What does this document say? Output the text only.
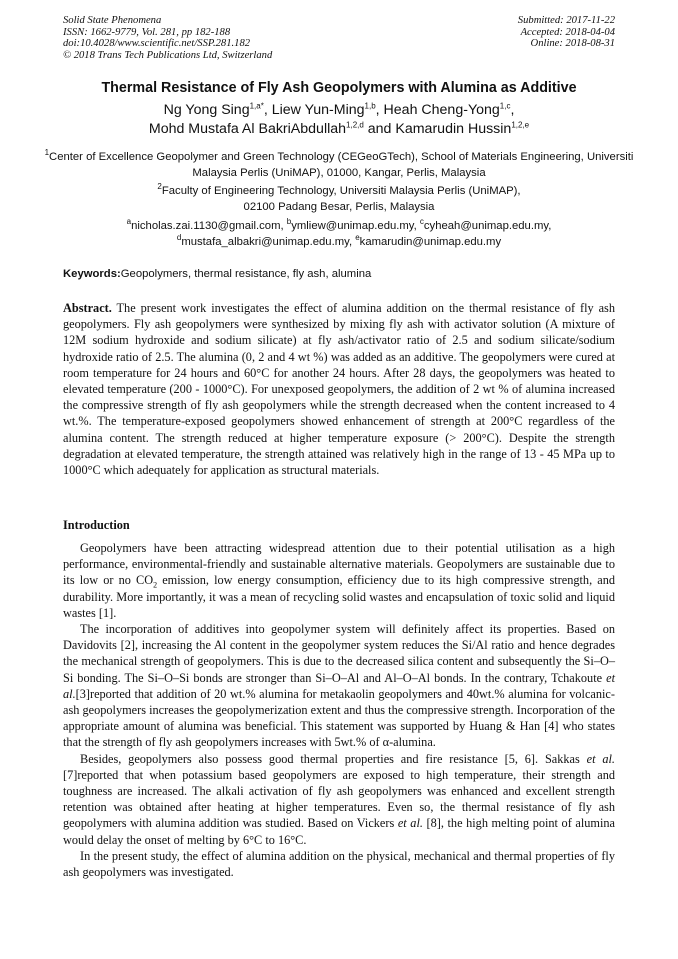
Solid State Phenomena
ISSN: 1662-9779, Vol. 281, pp 182-188
doi:10.4028/www.scientific.net/SSP.281.182
© 2018 Trans Tech Publications Ltd, Switzerland
Submitted: 2017-11-22
Accepted: 2018-04-04
Online: 2018-08-31
Thermal Resistance of Fly Ash Geopolymers with Alumina as Additive
Ng Yong Sing$^{1,a*}$, Liew Yun-Ming$^{1,b}$, Heah Cheng-Yong$^{1,c}$,
Mohd Mustafa Al BakriAbdullah$^{1,2,d}$ and Kamarudin Hussin$^{1,2,e}$
$^1$Center of Excellence Geopolymer and Green Technology (CEGeoGTech), School of Materials Engineering, Universiti Malaysia Perlis (UniMAP), 01000, Kangar, Perlis, Malaysia
$^2$Faculty of Engineering Technology, Universiti Malaysia Perlis (UniMAP),
02100 Padang Besar, Perlis, Malaysia
$^a$nicholas.zai.1130@gmail.com, $^b$ymliew@unimap.edu.my, $^c$cyheah@unimap.edu.my,
$^d$mustafa_albakri@unimap.edu.my, $^e$kamarudin@unimap.edu.my
Keywords:Geopolymers, thermal resistance, fly ash, alumina

Abstract. The present work investigates the effect of alumina addition on the thermal resistance of fly ash geopolymers. Fly ash geopolymers were synthesized by mixing fly ash with activator solution (A mixture of 12M sodium hydroxide and sodium silicate) at fly ash/activator ratio of 2.5 and sodium silicate/sodium hydroxide ratio of 2.5. The alumina (0, 2 and 4 wt %) was added as an additive. The geopolymers were cured at room temperature for 24 hours and 60°C for another 24 hours. After 28 days, the geopolymers was heated to elevated temperature (200 - 1000°C). For unexposed geopolymers, the addition of 2 wt % of alumina increased the compressive strength of fly ash geopolymers while the strength decreased when the content increased to 4 wt.%. The temperature-exposed geopolymers showed enhancement of strength at 200°C regardless of the alumina content. The strength reduced at higher temperature exposure (> 200°C). Despite the strength degradation at elevated temperature, the strength attained was relatively high in the range of 13 - 45 MPa up to 1000°C which adequately for application as structural materials.

Introduction

Geopolymers have been attracting widespread attention due to their potential utilisation as a high performance, environmental-friendly and sustainable alternative materials. Geopolymers are sustainable due to its low or no $CO_2$ emission, low energy consumption, efficiency due to its high compressive strength, and durability. More importantly, it was a mean of recycling solid wastes and encapsulation of toxic solid and liquid wastes [1].

The incorporation of additives into geopolymer system will definitely affect its properties. Based on Davidovits [2], increasing the Al content in the geopolymer system reduces the Si/Al ratio and hence degrades the mechanical strength of geopolymers. This is due to the decreased silica content and subsequently the Si–O–Si bonding. The Si–O–Si bonds are stronger than Si–O–Al and Al–O–Al bonds. In the contrary, Tchakoute et al.[3]reported that addition of 20 wt.% alumina for metakaolin geopolymers and 40wt.% alumina for volcanic-ash geopolymers increases the geopolymerization extent and thus the compressive strength. Incorporation of the appropriate amount of alumina was beneficial. This statement was supported by Huang & Han [4] who states that the strength of fly ash geopolymers increases with 5wt.% of α-alumina.

Besides, geopolymers also possess good thermal properties and fire resistance [5, 6]. Sakkas et al. [7]reported that when potassium based geopolymers are exposed to high temperature, their strength and toughness are increased. The alkali activation of fly ash geopolymers was enhanced and excellent strength retention was obtained after heating at higher temperatures. Even so, the thermal resistance of fly ash geopolymers with alumina addition was studied. Based on Vickers et al. [8], the high melting point of alumina would delay the onset of melting by 6°C to 16°C.

In the present study, the effect of alumina addition on the physical, mechanical and thermal properties of fly ash geopolymers was investigated.
